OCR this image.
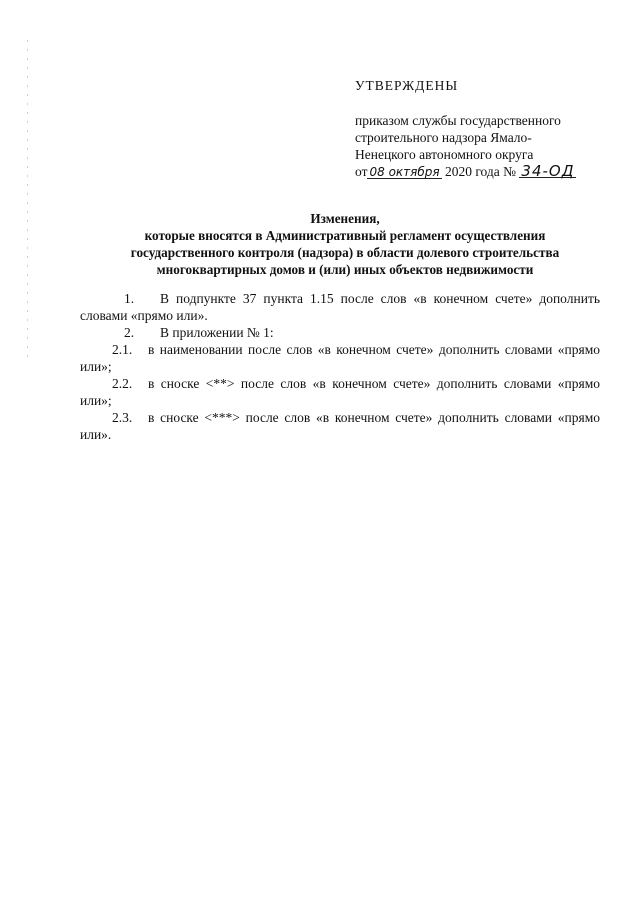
УТВЕРЖДЕНЫ
приказом службы государственного
строительного надзора Ямало-
Ненецкого автономного округа
от 08 октября 2020 года № 34-ОД
Изменения,
которые вносятся в Административный регламент осуществления
государственного контроля (надзора) в области долевого строительства
многоквартирных домов и (или) иных объектов недвижимости
1. В подпункте 37 пункта 1.15 после слов «в конечном счете» дополнить словами «прямо или».
2. В приложении № 1:
2.1. в наименовании после слов «в конечном счете» дополнить словами «прямо или»;
2.2. в сноске <**> после слов «в конечном счете» дополнить словами «прямо или»;
2.3. в сноске <***> после слов «в конечном счете» дополнить словами «прямо или».
